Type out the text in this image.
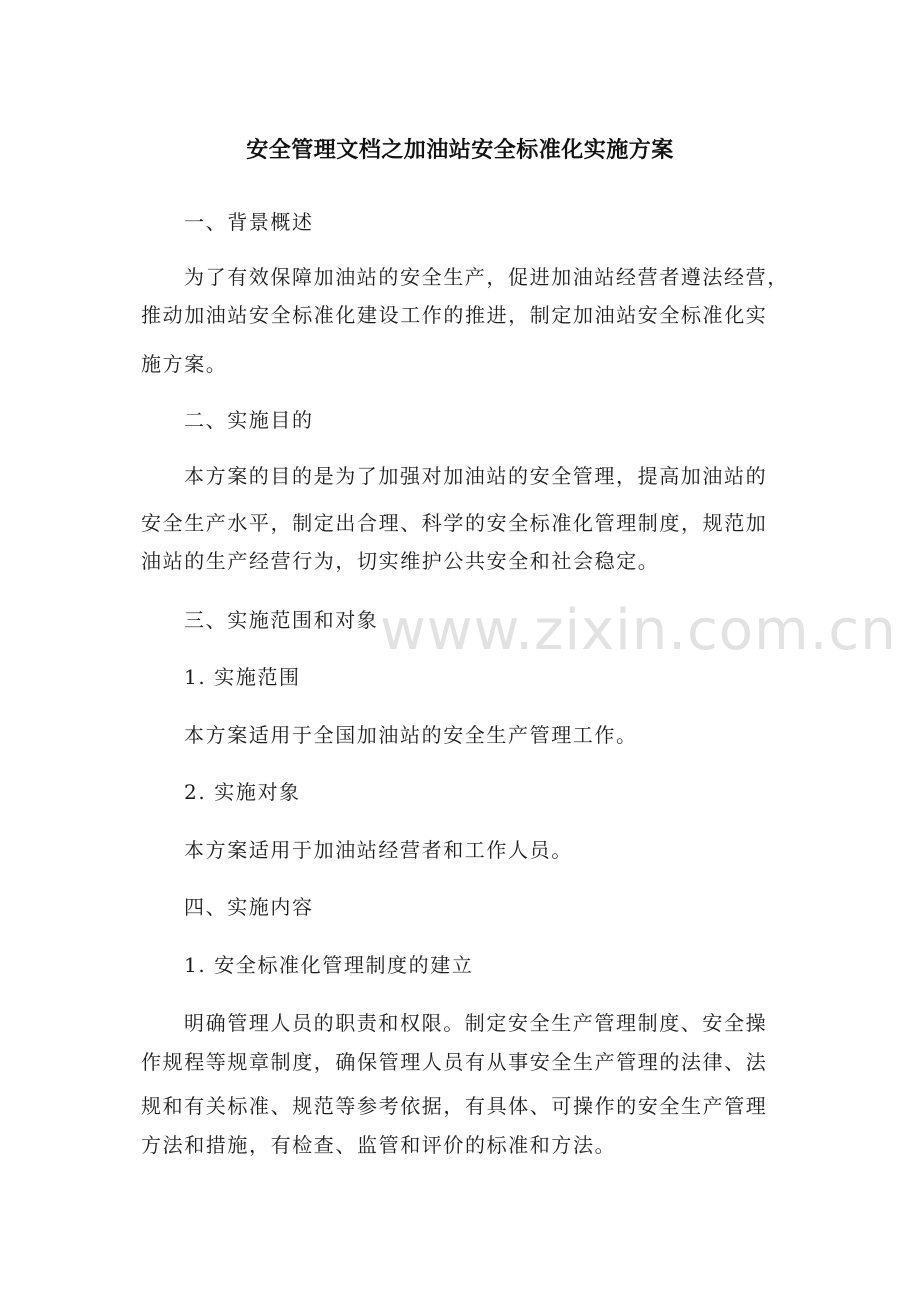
安全管理文档之加油站安全标准化实施方案
一、背景概述
为了有效保障加油站的安全生产，促进加油站经营者遵法经营，
推动加油站安全标准化建设工作的推进，制定加油站安全标准化实
施方案。
二、实施目的
本方案的目的是为了加强对加油站的安全管理，提高加油站的
安全生产水平，制定出合理、科学的安全标准化管理制度，规范加
油站的生产经营行为，切实维护公共安全和社会稳定。
三、实施范围和对象
1. 实施范围
本方案适用于全国加油站的安全生产管理工作。
2. 实施对象
本方案适用于加油站经营者和工作人员。
四、实施内容
1. 安全标准化管理制度的建立
明确管理人员的职责和权限。制定安全生产管理制度、安全操
作规程等规章制度，确保管理人员有从事安全生产管理的法律、法
规和有关标准、规范等参考依据，有具体、可操作的安全生产管理
方法和措施，有检查、监管和评价的标准和方法。
www.zixin.com.cn
